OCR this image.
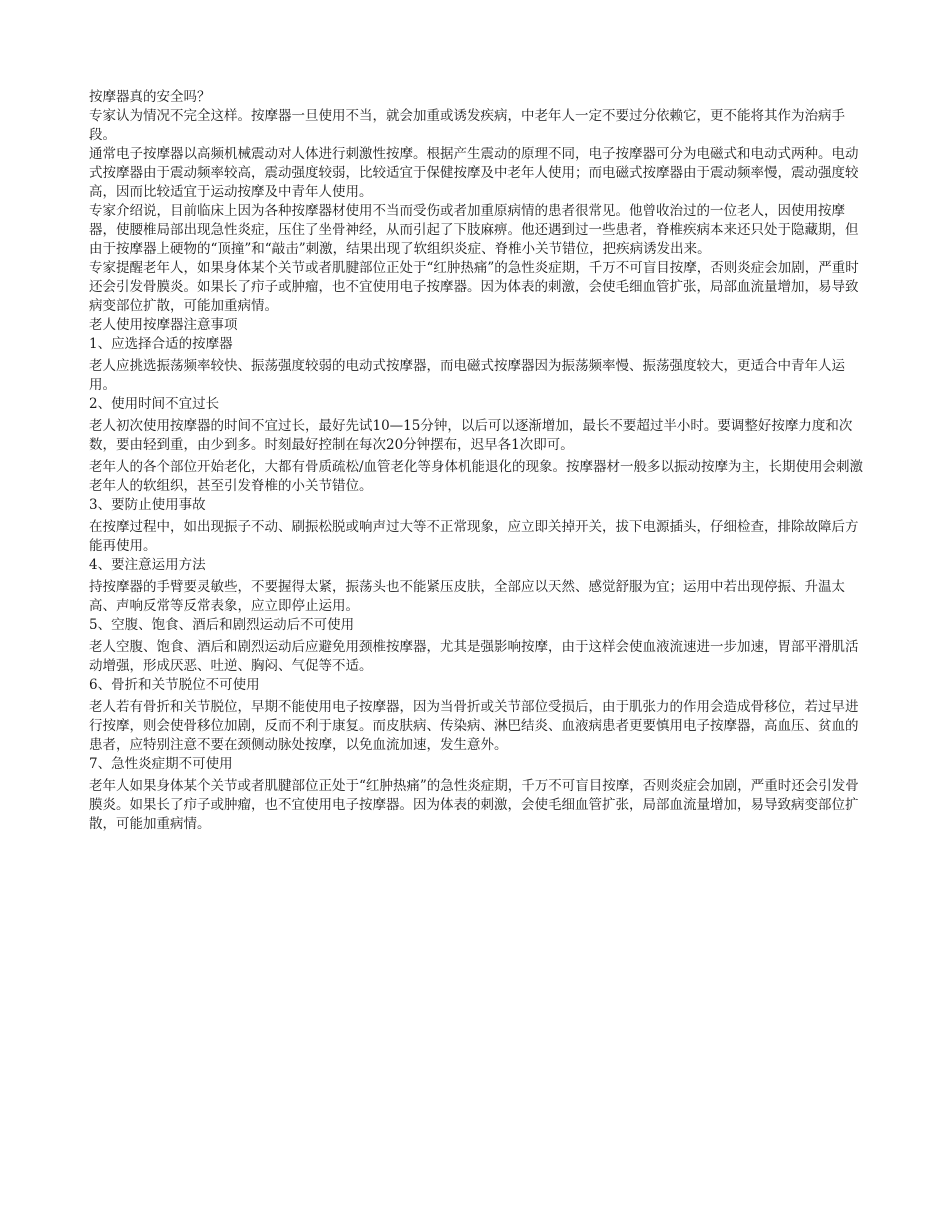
按摩器真的安全吗？

专家认为情况不完全这样。按摩器一旦使用不当，就会加重或诱发疾病，中老年人一定不要过分依赖它，更不能将其作为治病手段。

通常电子按摩器以高频机械震动对人体进行刺激性按摩。根据产生震动的原理不同，电子按摩器可分为电磁式和电动式两种。电动式按摩器由于震动频率较高，震动强度较弱，比较适宜于保健按摩及中老年人使用；而电磁式按摩器由于震动频率慢，震动强度较高，因而比较适宜于运动按摩及中青年人使用。

专家介绍说，目前临床上因为各种按摩器材使用不当而受伤或者加重原病情的患者很常见。他曾收治过的一位老人，因使用按摩器，使腰椎局部出现急性炎症，压住了坐骨神经，从而引起了下肢麻痹。他还遇到过一些患者，脊椎疾病本来还只处于隐藏期，但由于按摩器上硬物的“顶撞”和“敲击”刺激，结果出现了软组织炎症、脊椎小关节错位，把疾病诱发出来。

专家提醒老年人，如果身体某个关节或者肌腱部位正处于“红肿热痛”的急性炎症期，千万不可盲目按摩，否则炎症会加剧，严重时还会引发骨膜炎。如果长了疖子或肿瘤，也不宜使用电子按摩器。因为体表的刺激，会使毛细血管扩张，局部血流量增加，易导致病变部位扩散，可能加重病情。

老人使用按摩器注意事项

1、应选择合适的按摩器

老人应挑选振荡频率较快、振荡强度较弱的电动式按摩器，而电磁式按摩器因为振荡频率慢、振荡强度较大，更适合中青年人运用。

2、使用时间不宜过长

老人初次使用按摩器的时间不宜过长，最好先试10—15分钟，以后可以逐渐增加，最长不要超过半小时。要调整好按摩力度和次数，要由轻到重，由少到多。时刻最好控制在每次20分钟摆布，迟早各1次即可。

老年人的各个部位开始老化，大都有骨质疏松/血管老化等身体机能退化的现象。按摩器材一般多以振动按摩为主，长期使用会刺激老年人的软组织，甚至引发脊椎的小关节错位。

3、要防止使用事故

在按摩过程中，如出现振子不动、刷振松脱或响声过大等不正常现象，应立即关掉开关，拔下电源插头，仔细检查，排除故障后方能再使用。

4、要注意运用方法

持按摩器的手臂要灵敏些，不要握得太紧，振荡头也不能紧压皮肤，全部应以天然、感觉舒服为宜；运用中若出现停振、升温太高、声响反常等反常表象，应立即停止运用。

5、空腹、饱食、酒后和剧烈运动后不可使用

老人空腹、饱食、酒后和剧烈运动后应避免用颈椎按摩器，尤其是强影响按摩，由于这样会使血液流速进一步加速，胃部平滑肌活动增强，形成厌恶、吐逆、胸闷、气促等不适。

6、骨折和关节脱位不可使用

老人若有骨折和关节脱位，早期不能使用电子按摩器，因为当骨折或关节部位受损后，由于肌张力的作用会造成骨移位，若过早进行按摩，则会使骨移位加剧，反而不利于康复。而皮肤病、传染病、淋巴结炎、血液病患者更要慎用电子按摩器，高血压、贫血的患者，应特别注意不要在颈侧动脉处按摩，以免血流加速，发生意外。

7、急性炎症期不可使用

老年人如果身体某个关节或者肌腱部位正处于“红肿热痛”的急性炎症期，千万不可盲目按摩，否则炎症会加剧，严重时还会引发骨膜炎。如果长了疖子或肿瘤，也不宜使用电子按摩器。因为体表的刺激，会使毛细血管扩张，局部血流量增加，易导致病变部位扩散，可能加重病情。
